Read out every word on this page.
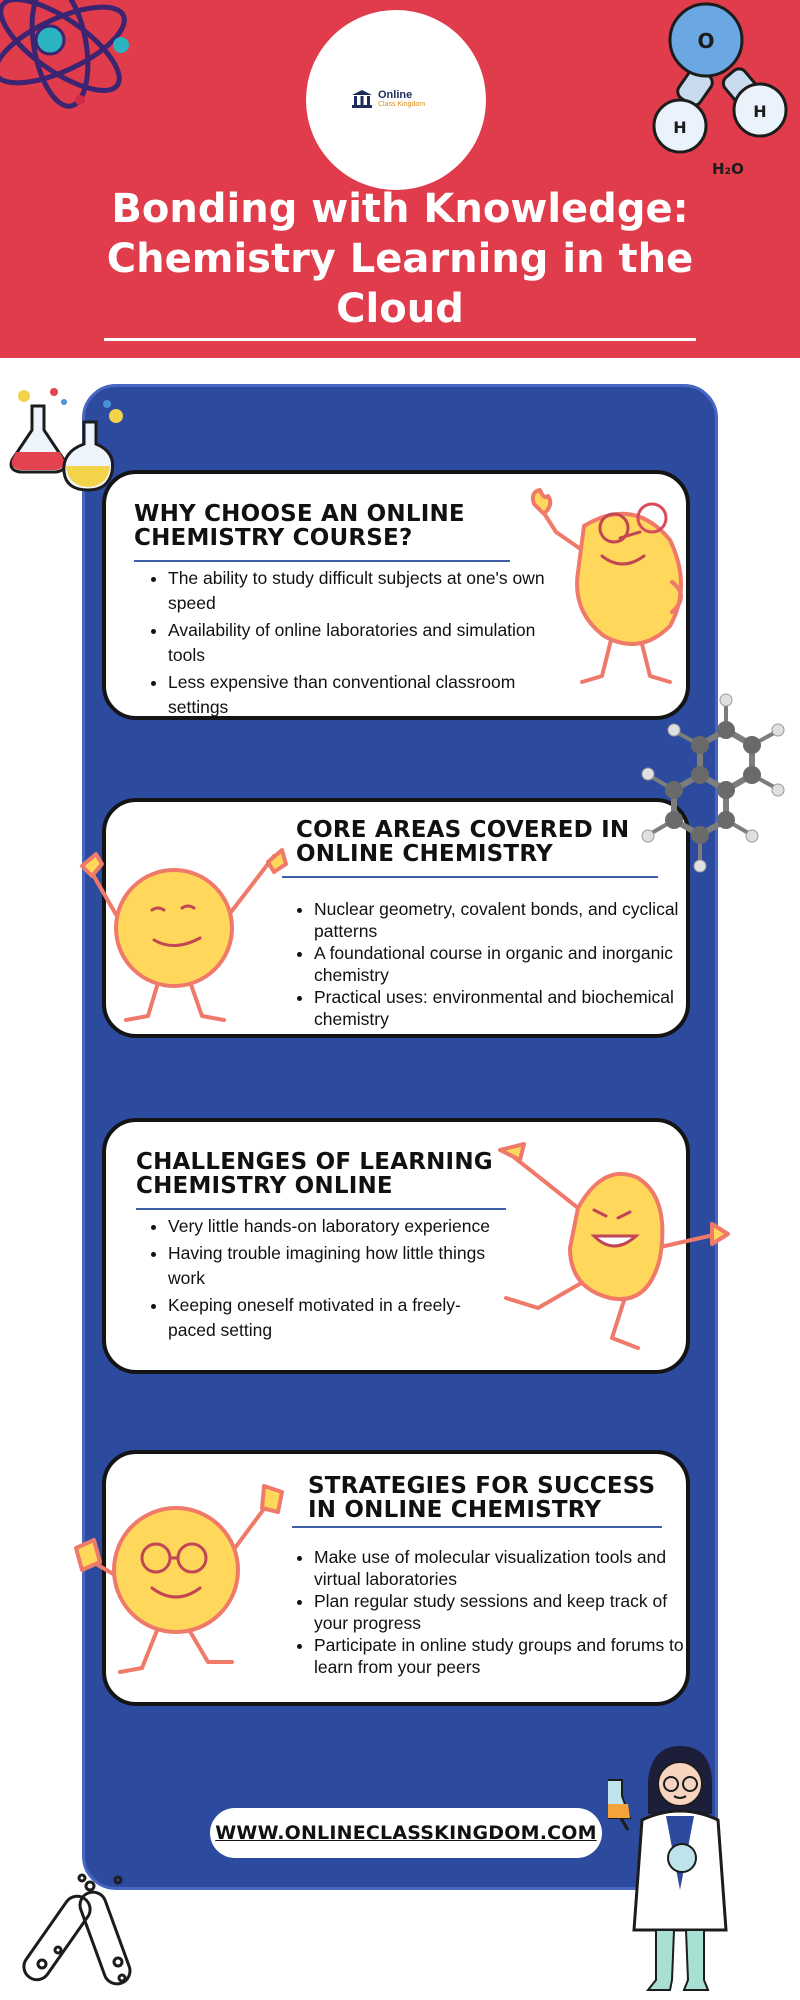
Online
Class Kingdom
O
H
H
H₂O
Bonding with Knowledge: Chemistry Learning in the Cloud
WHY CHOOSE AN ONLINE CHEMISTRY COURSE?
• The ability to study difficult subjects at one's own speed
• Availability of online laboratories and simulation tools
• Less expensive than conventional classroom settings
CORE AREAS COVERED IN ONLINE CHEMISTRY
• Nuclear geometry, covalent bonds, and cyclical patterns
• A foundational course in organic and inorganic chemistry
• Practical uses: environmental and biochemical chemistry
CHALLENGES OF LEARNING CHEMISTRY ONLINE
• Very little hands-on laboratory experience
• Having trouble imagining how little things work
• Keeping oneself motivated in a freely-paced setting
STRATEGIES FOR SUCCESS IN ONLINE CHEMISTRY
• Make use of molecular visualization tools and virtual laboratories
• Plan regular study sessions and keep track of your progress
• Participate in online study groups and forums to learn from your peers
WWW.ONLINECLASSKINGDOM.COM
